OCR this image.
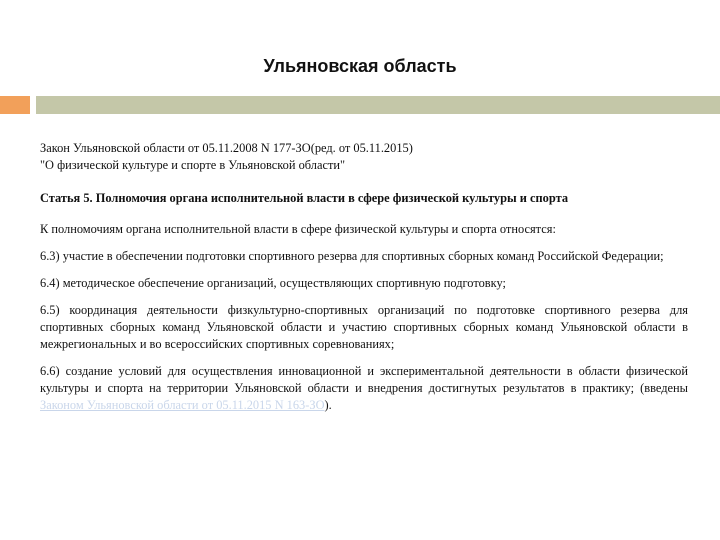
Ульяновская область

Закон Ульяновской области от 05.11.2008 N 177-ЗО(ред. от 05.11.2015)

"О физической культуре и спорте в Ульяновской области"

Статья 5. Полномочия органа исполнительной власти в сфере физической культуры и спорта

К полномочиям органа исполнительной власти в сфере физической культуры и спорта относятся:

6.3) участие в обеспечении подготовки спортивного резерва для спортивных сборных команд Российской Федерации;

6.4) методическое обеспечение организаций, осуществляющих спортивную подготовку;

6.5) координация деятельности физкультурно-спортивных организаций по подготовке спортивного резерва для спортивных сборных команд Ульяновской области и участию спортивных сборных команд Ульяновской области в межрегиональных и во всероссийских спортивных соревнованиях;

6.6) создание условий для осуществления инновационной и экспериментальной деятельности в области физической культуры и спорта на территории Ульяновской области и внедрения достигнутых результатов в практику; (введены Законом Ульяновской области от 05.11.2015 N 163-ЗО).
